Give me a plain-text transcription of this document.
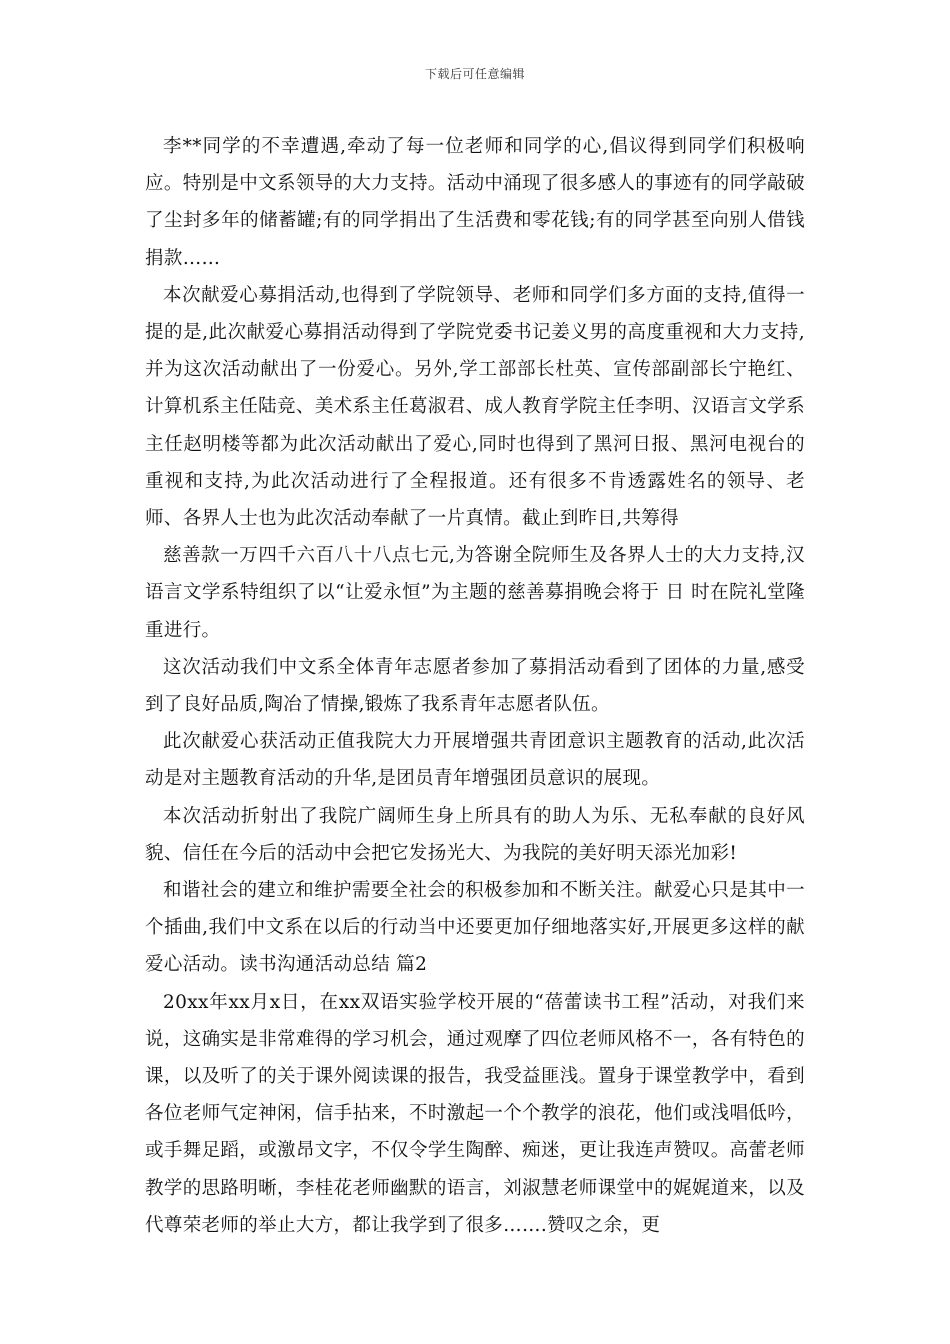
下载后可任意编辑

李**同学的不幸遭遇,牵动了每一位老师和同学的心,倡议得到同学们积极响应。特别是中文系领导的大力支持。活动中涌现了很多感人的事迹有的同学敲破了尘封多年的储蓄罐;有的同学捐出了生活费和零花钱;有的同学甚至向别人借钱捐款……

本次献爱心募捐活动,也得到了学院领导、老师和同学们多方面的支持,值得一提的是,此次献爱心募捐活动得到了学院党委书记姜义男的高度重视和大力支持,并为这次活动献出了一份爱心。另外,学工部部长杜英、宣传部副部长宁艳红、计算机系主任陆竞、美术系主任葛淑君、成人教育学院主任李明、汉语言文学系主任赵明楼等都为此次活动献出了爱心,同时也得到了黑河日报、黑河电视台的重视和支持,为此次活动进行了全程报道。还有很多不肯透露姓名的领导、老师、各界人士也为此次活动奉献了一片真情。截止到昨日,共筹得

慈善款一万四千六百八十八点七元,为答谢全院师生及各界人士的大力支持,汉语言文学系特组织了以“让爱永恒”为主题的慈善募捐晚会将于 日 时在院礼堂隆重进行。

这次活动我们中文系全体青年志愿者参加了募捐活动看到了团体的力量,感受到了良好品质,陶冶了情操,锻炼了我系青年志愿者队伍。

此次献爱心获活动正值我院大力开展增强共青团意识主题教育的活动,此次活动是对主题教育活动的升华,是团员青年增强团员意识的展现。

本次活动折射出了我院广阔师生身上所具有的助人为乐、无私奉献的良好风貌、信任在今后的活动中会把它发扬光大、为我院的美好明天添光加彩!

和谐社会的建立和维护需要全社会的积极参加和不断关注。献爱心只是其中一个插曲,我们中文系在以后的行动当中还要更加仔细地落实好,开展更多这样的献爱心活动。读书沟通活动总结 篇2

20xx年xx月x日，在xx双语实验学校开展的“蓓蕾读书工程”活动，对我们来说，这确实是非常难得的学习机会，通过观摩了四位老师风格不一，各有特色的课，以及听了的关于课外阅读课的报告，我受益匪浅。置身于课堂教学中，看到各位老师气定神闲，信手拈来，不时激起一个个教学的浪花，他们或浅唱低吟，或手舞足蹈，或激昂文字，不仅令学生陶醉、痴迷，更让我连声赞叹。高蕾老师教学的思路明晰，李桂花老师幽默的语言，刘淑慧老师课堂中的娓娓道来，以及代尊荣老师的举止大方，都让我学到了很多…….赞叹之余，更
